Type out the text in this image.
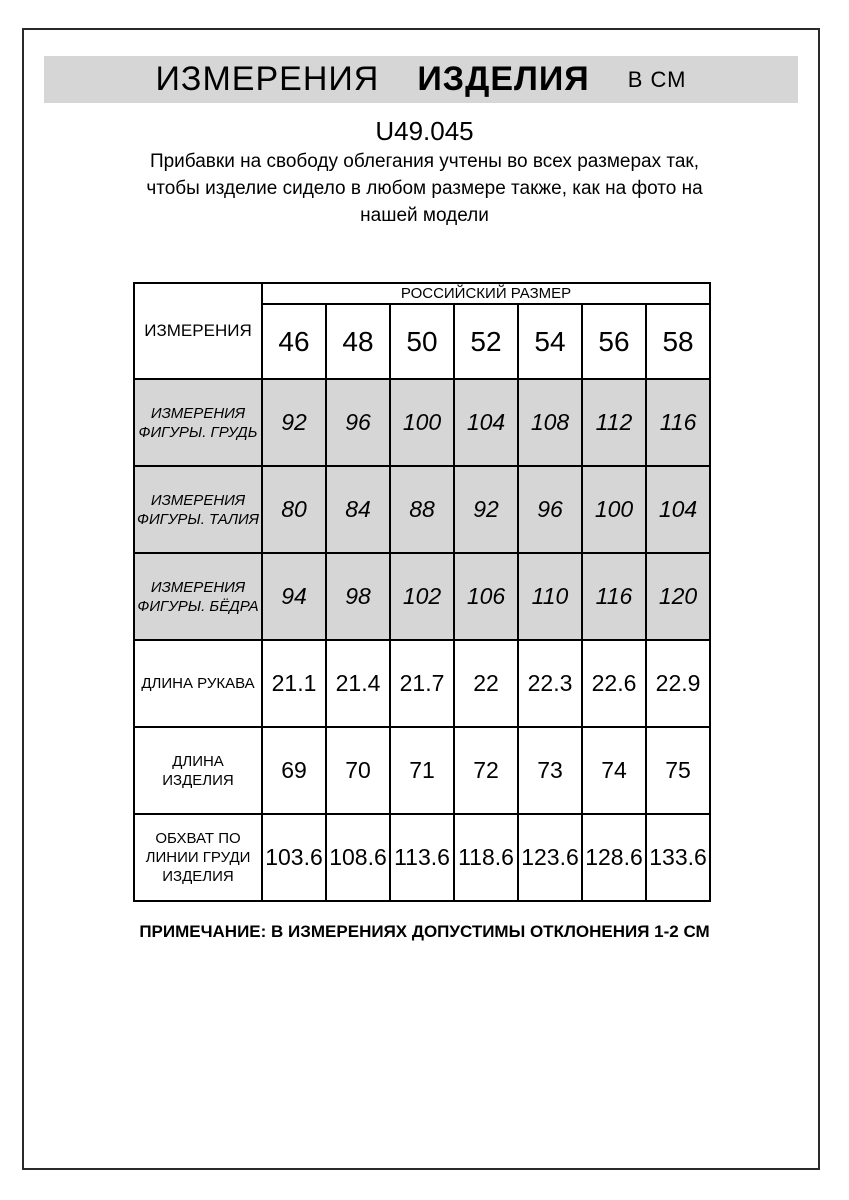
ИЗМЕРЕНИЯ ИЗДЕЛИЯ В СМ
U49.045
Прибавки на свободу облегания учтены во всех размерах так,
чтобы изделие сидело в любом размере также, как на фото на
нашей модели
ИЗМЕРЕНИЯ	РОССИЙСКИЙ РАЗМЕР						
	46	48	50	52	54	56	58
ИЗМЕРЕНИЯ ФИГУРЫ. ГРУДЬ	92	96	100	104	108	112	116
ИЗМЕРЕНИЯ ФИГУРЫ. ТАЛИЯ	80	84	88	92	96	100	104
ИЗМЕРЕНИЯ ФИГУРЫ. БЁДРА	94	98	102	106	110	116	120
ДЛИНА РУКАВА	21.1	21.4	21.7	22	22.3	22.6	22.9
ДЛИНА ИЗДЕЛИЯ	69	70	71	72	73	74	75
ОБХВАТ ПО ЛИНИИ ГРУДИ ИЗДЕЛИЯ	103.6	108.6	113.6	118.6	123.6	128.6	133.6
ПРИМЕЧАНИЕ: В ИЗМЕРЕНИЯХ ДОПУСТИМЫ ОТКЛОНЕНИЯ 1-2 СМ
